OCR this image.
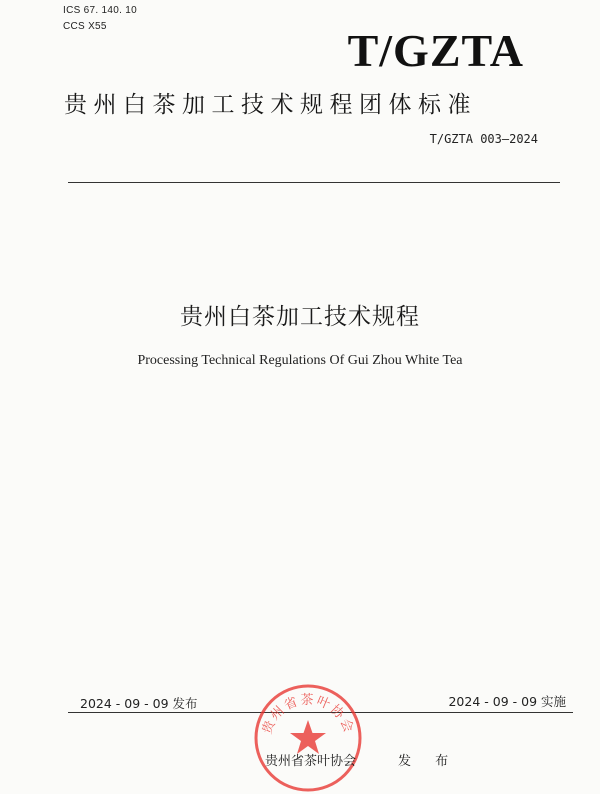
ICS 67. 140. 10
CCS X55	T/GZTA
贵州白茶加工技术规程团体标准
T/GZTA 003—2024
贵州白茶加工技术规程
Processing Technical Regulations Of Gui Zhou White Tea
2024 - 09 - 09 发布	2024 - 09 - 09 实施
贵州省茶叶协会
贵州省茶叶协会	发 布
